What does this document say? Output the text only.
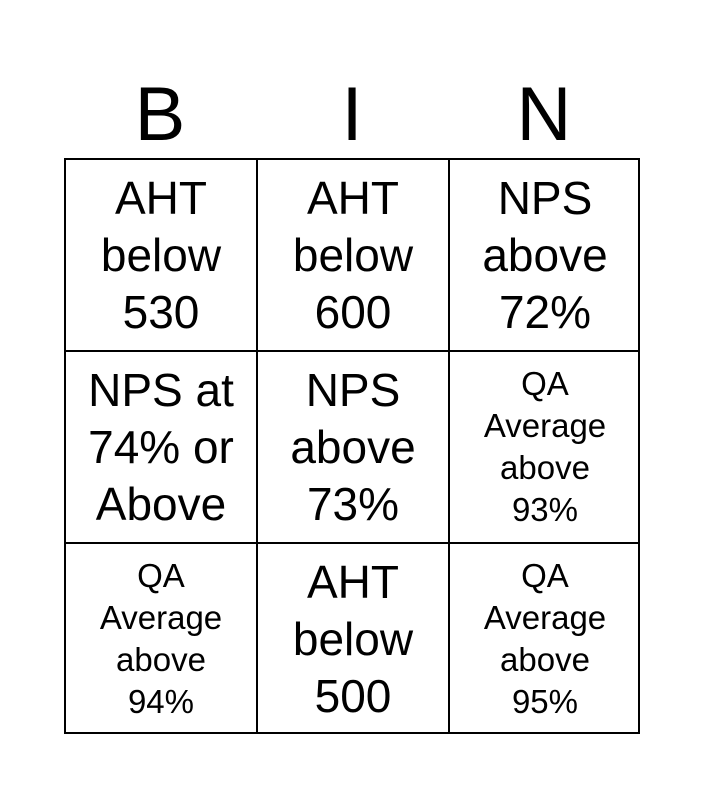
B	I	N
AHT
below
530
AHT
below
600
NPS
above
72%
NPS at
74% or
Above
NPS
above
73%
QA
Average
above
93%
QA
Average
above
94%
AHT
below
500
QA
Average
above
95%
